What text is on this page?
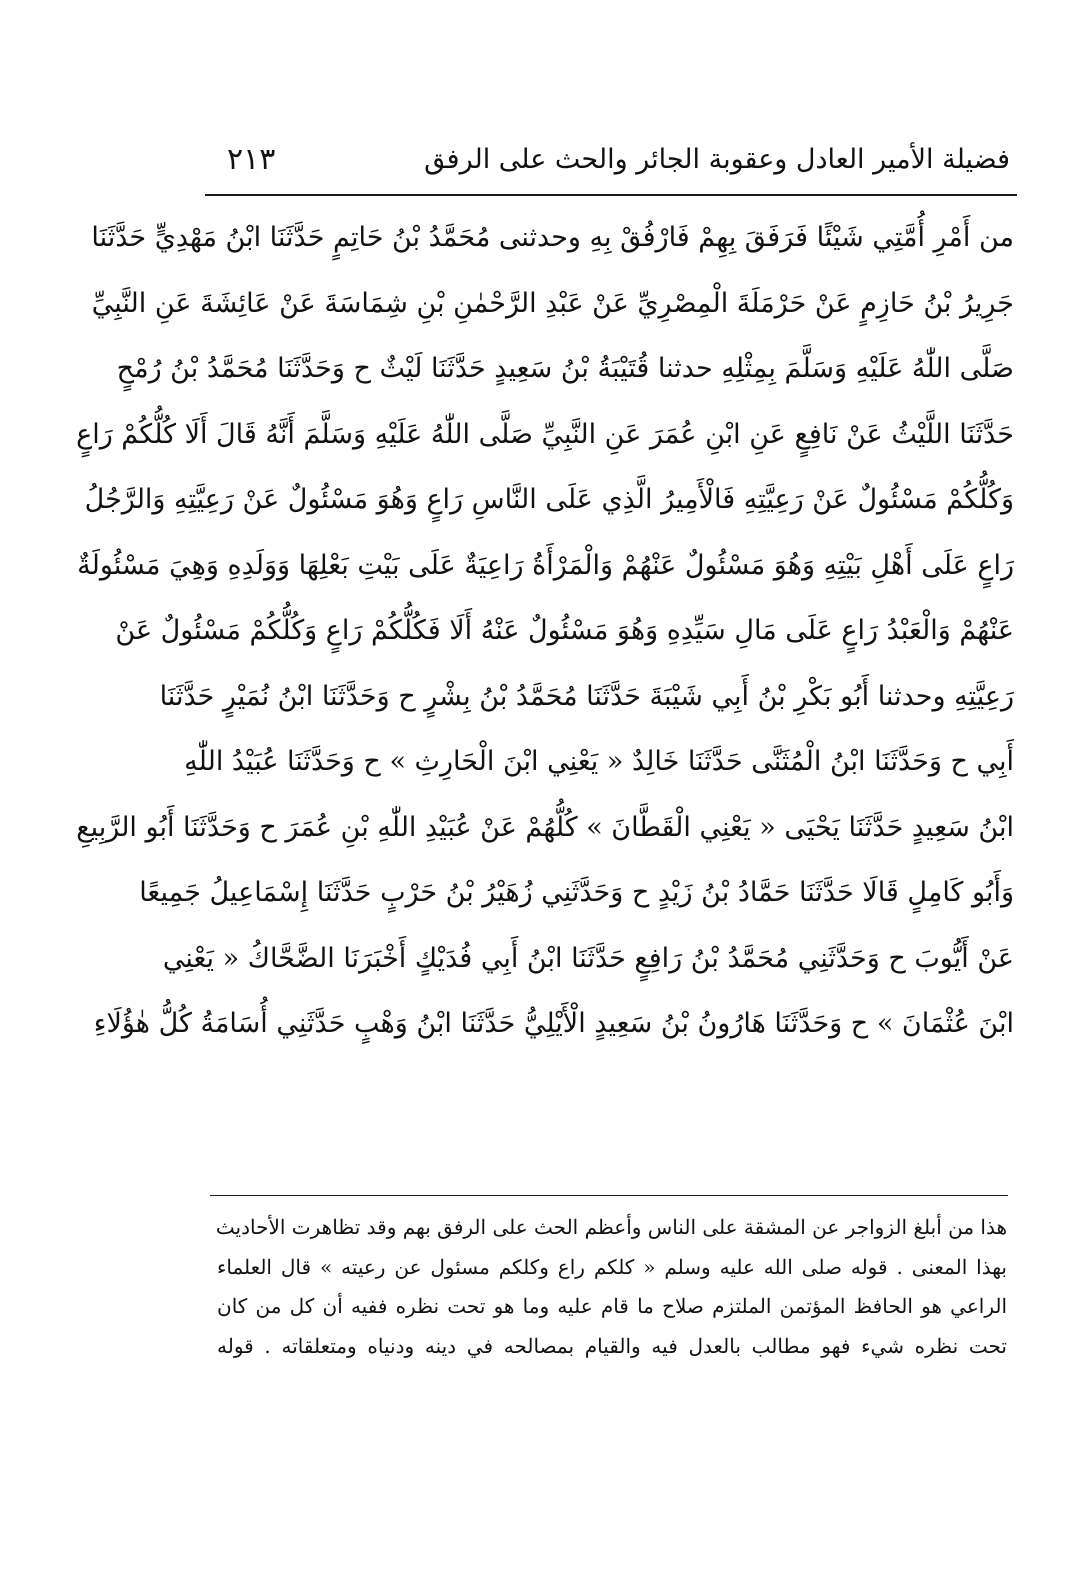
فضيلة الأمير العادل وعقوبة الجائر والحث على الرفق
٢١٣
من أَمْرِ أُمَّتِي شَيْئًا فَرَفَقَ بِهِمْ فَارْفُقْ بِهِ وحدثنى مُحَمَّدُ بْنُ حَاتِمٍ حَدَّثَنَا ابْنُ مَهْدِيٍّ حَدَّثَنَا
جَرِيرُ بْنُ حَازِمٍ عَنْ حَرْمَلَةَ الْمِصْرِيِّ عَنْ عَبْدِ الرَّحْمٰنِ بْنِ شِمَاسَةَ عَنْ عَائِشَةَ عَنِ النَّبِيِّ
صَلَّى اللّٰهُ عَلَيْهِ وَسَلَّمَ بِمِثْلِهِ حدثنا قُتَيْبَةُ بْنُ سَعِيدٍ حَدَّثَنَا لَيْثٌ ح وَحَدَّثَنَا مُحَمَّدُ بْنُ رُمْحٍ
حَدَّثَنَا اللَّيْثُ عَنْ نَافِعٍ عَنِ ابْنِ عُمَرَ عَنِ النَّبِيِّ صَلَّى اللّٰهُ عَلَيْهِ وَسَلَّمَ أَنَّهُ قَالَ أَلَا كُلُّكُمْ رَاعٍ
وَكُلُّكُمْ مَسْئُولٌ عَنْ رَعِيَّتِهِ فَالْأَمِيرُ الَّذِي عَلَى النَّاسِ رَاعٍ وَهُوَ مَسْئُولٌ عَنْ رَعِيَّتِهِ وَالرَّجُلُ
رَاعٍ عَلَى أَهْلِ بَيْتِهِ وَهُوَ مَسْئُولٌ عَنْهُمْ وَالْمَرْأَةُ رَاعِيَةٌ عَلَى بَيْتِ بَعْلِهَا وَوَلَدِهِ وَهِيَ مَسْئُولَةٌ
عَنْهُمْ وَالْعَبْدُ رَاعٍ عَلَى مَالِ سَيِّدِهِ وَهُوَ مَسْئُولٌ عَنْهُ أَلَا فَكُلُّكُمْ رَاعٍ وَكُلُّكُمْ مَسْئُولٌ عَنْ
رَعِيَّتِهِ وحدثنا أَبُو بَكْرِ بْنُ أَبِي شَيْبَةَ حَدَّثَنَا مُحَمَّدُ بْنُ بِشْرٍ ح وَحَدَّثَنَا ابْنُ نُمَيْرٍ حَدَّثَنَا
أَبِي ح وَحَدَّثَنَا ابْنُ الْمُثَنَّى حَدَّثَنَا خَالِدٌ « يَعْنِي ابْنَ الْحَارِثِ » ح وَحَدَّثَنَا عُبَيْدُ اللّٰهِ
ابْنُ سَعِيدٍ حَدَّثَنَا يَحْيَى « يَعْنِي الْقَطَّانَ » كُلُّهُمْ عَنْ عُبَيْدِ اللّٰهِ بْنِ عُمَرَ ح وَحَدَّثَنَا أَبُو الرَّبِيعِ
وَأَبُو كَامِلٍ قَالَا حَدَّثَنَا حَمَّادُ بْنُ زَيْدٍ ح وَحَدَّثَنِي زُهَيْرُ بْنُ حَرْبٍ حَدَّثَنَا إِسْمَاعِيلُ جَمِيعًا
عَنْ أَيُّوبَ ح وَحَدَّثَنِي مُحَمَّدُ بْنُ رَافِعٍ حَدَّثَنَا ابْنُ أَبِي فُدَيْكٍ أَخْبَرَنَا الضَّحَّاكُ « يَعْنِي
ابْنَ عُثْمَانَ » ح وَحَدَّثَنَا هَارُونُ بْنُ سَعِيدٍ الْأَيْلِيُّ حَدَّثَنَا ابْنُ وَهْبٍ حَدَّثَنِي أُسَامَةُ كُلُّ هٰؤُلَاءِ
هذا من أبلغ الزواجر عن المشقة على الناس وأعظم الحث على الرفق بهم وقد تظاهرت الأحاديث
بهذا المعنى . قوله صلى الله عليه وسلم « كلكم راع وكلكم مسئول عن رعيته » قال العلماء
الراعي هو الحافظ المؤتمن الملتزم صلاح ما قام عليه وما هو تحت نظره ففيه أن كل من كان
تحت نظره شيء فهو مطالب بالعدل فيه والقيام بمصالحه في دينه ودنياه ومتعلقاته . قوله
